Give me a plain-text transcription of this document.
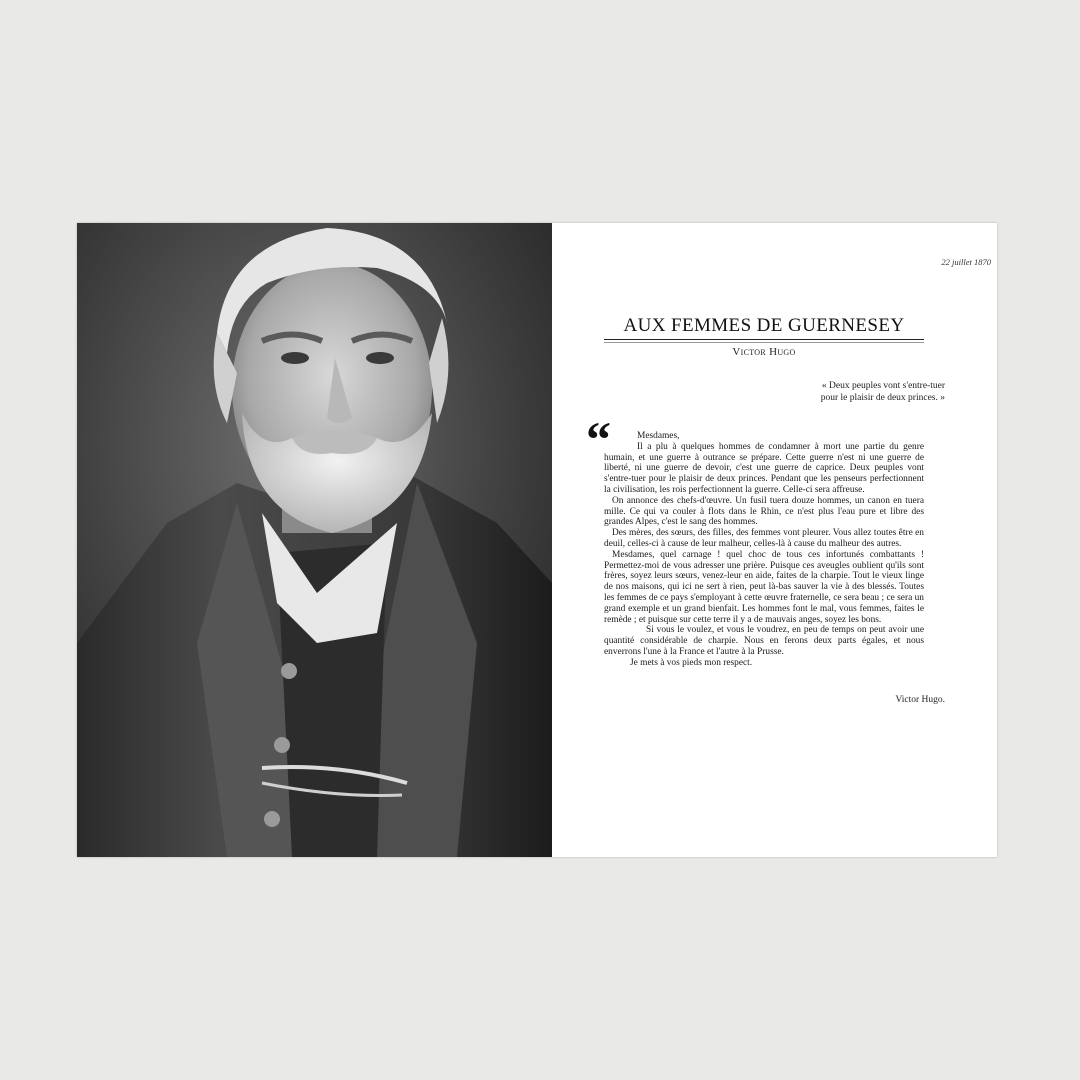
22 juillet 1870
AUX FEMMES DE GUERNESEY
Victor Hugo
« Deux peuples vont s'entre-tuer
pour le plaisir de deux princes. »
“	Mesdames,

Il a plu à quelques hommes de condamner à mort une partie du genre humain, et une guerre à outrance se prépare. Cette guerre n'est ni une guerre de liberté, ni une guerre de devoir, c'est une guerre de caprice. Deux peuples vont s'entre-tuer pour le plaisir de deux princes. Pendant que les penseurs perfectionnent la civilisation, les rois perfectionnent la guerre. Celle-ci sera affreuse.

On annonce des chefs-d'œuvre. Un fusil tuera douze hommes, un canon en tuera mille. Ce qui va couler à flots dans le Rhin, ce n'est plus l'eau pure et libre des grandes Alpes, c'est le sang des hommes.

Des mères, des sœurs, des filles, des femmes vont pleurer. Vous allez toutes être en deuil, celles-ci à cause de leur malheur, celles-là à cause du malheur des autres.

Mesdames, quel carnage ! quel choc de tous ces infortunés combattants ! Permettez-moi de vous adresser une prière. Puisque ces aveugles oublient qu'ils sont frères, soyez leurs sœurs, venez-leur en aide, faites de la charpie. Tout le vieux linge de nos maisons, qui ici ne sert à rien, peut là-bas sauver la vie à des blessés. Toutes les femmes de ce pays s'employant à cette œuvre fraternelle, ce sera beau ; ce sera un grand exemple et un grand bienfait. Les hommes font le mal, vous femmes, faites le remède ; et puisque sur cette terre il y a de mauvais anges, soyez les bons.

Si vous le voulez, et vous le voudrez, en peu de temps on peut avoir une quantité considérable de charpie. Nous en ferons deux parts égales, et nous enverrons l'une à la France et l'autre à la Prusse.

Je mets à vos pieds mon respect.

Victor Hugo.
